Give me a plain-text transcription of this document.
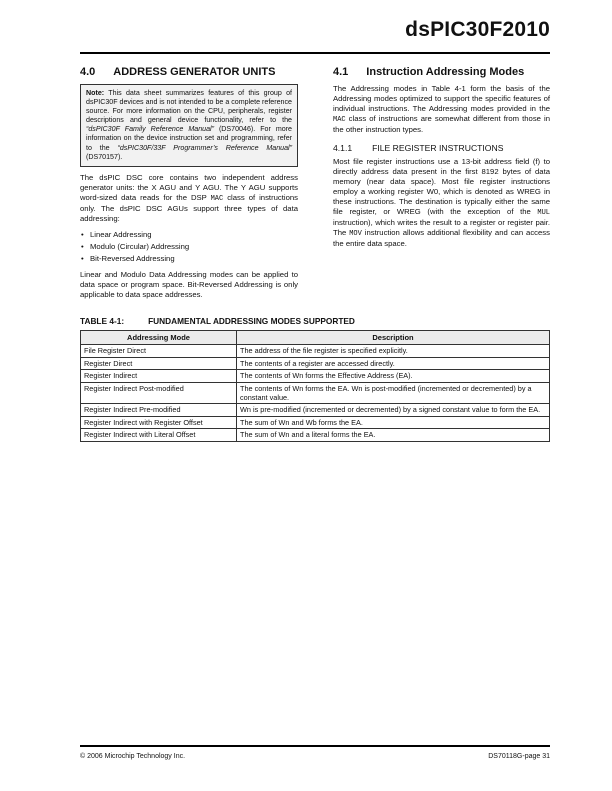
dsPIC30F2010
4.0 ADDRESS GENERATOR UNITS
Note: This data sheet summarizes features of this group of dsPIC30F devices and is not intended to be a complete reference source. For more information on the CPU, peripherals, register descriptions and general device functionality, refer to the “dsPIC30F Family Reference Manual” (DS70046). For more information on the device instruction set and programming, refer to the “dsPIC30F/33F Programmer’s Reference Manual” (DS70157).

The dsPIC DSC core contains two independent address generator units: the X AGU and Y AGU. The Y AGU supports word-sized data reads for the DSP MAC class of instructions only. The dsPIC DSC AGUs support three types of data addressing:

• Linear Addressing
• Modulo (Circular) Addressing
• Bit-Reversed Addressing

Linear and Modulo Data Addressing modes can be applied to data space or program space. Bit-Reversed Addressing is only applicable to data space addresses.

4.1 Instruction Addressing Modes

The Addressing modes in Table 4-1 form the basis of the Addressing modes optimized to support the specific features of individual instructions. The Addressing modes provided in the MAC class of instructions are somewhat different from those in the other instruction types.

4.1.1 FILE REGISTER INSTRUCTIONS

Most file register instructions use a 13-bit address field (f) to directly address data present in the first 8192 bytes of data memory (near data space). Most file register instructions employ a working register W0, which is denoted as WREG in these instructions. The destination is typically either the same file register, or WREG (with the exception of the MUL instruction), which writes the result to a register or register pair. The MOV instruction allows additional flexibility and can access the entire data space.

TABLE 4-1:	FUNDAMENTAL ADDRESSING MODES SUPPORTED
Addressing Mode	Description
File Register Direct	The address of the file register is specified explicitly.
Register Direct	The contents of a register are accessed directly.
Register Indirect	The contents of Wn forms the Effective Address (EA).
Register Indirect Post-modified	The contents of Wn forms the EA. Wn is post-modified (incremented or decremented) by a constant value.
Register Indirect Pre-modified	Wn is pre-modified (incremented or decremented) by a signed constant value to form the EA.
Register Indirect with Register Offset	The sum of Wn and Wb forms the EA.
Register Indirect with Literal Offset	The sum of Wn and a literal forms the EA.
© 2006 Microchip Technology Inc.	DS70118G-page 31
